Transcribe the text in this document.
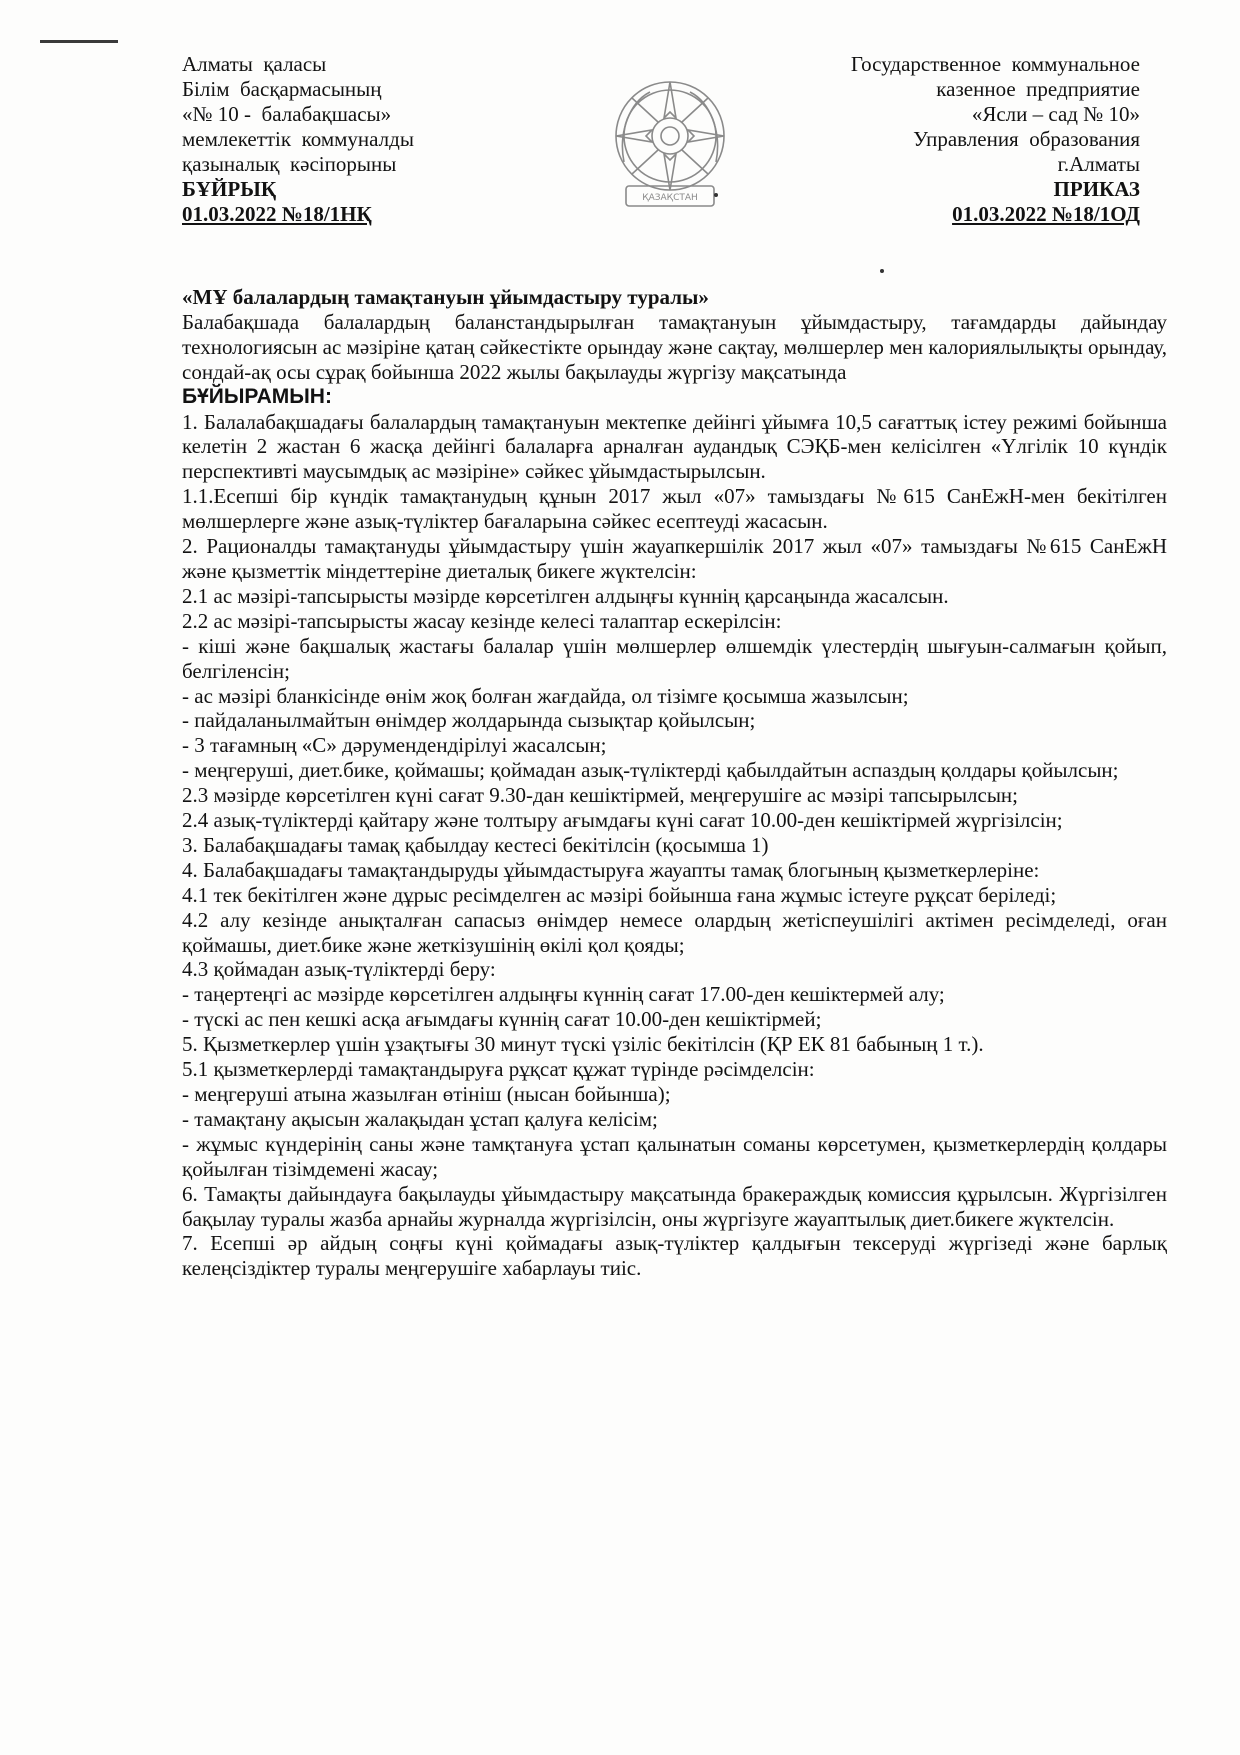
Алматы  қаласы
Білім  басқармасының
«№ 10 -  балабақшасы»
мемлекеттік  коммуналды
қазыналық  кәсіпорыны
БҰЙРЫҚ
01.03.2022 №18/1НҚ
ҚАЗАҚСТАН
Государственное  коммунальное
казенное  предприятие
«Ясли – сад № 10»
Управления  образования
г.Алматы
ПРИКАЗ
01.03.2022 №18/1ОД

«МҰ балалардың тамақтануын ұйымдастыру туралы»

Балабақшада балалардың баланстандырылған тамақтануын ұйымдастыру, тағамдарды дайындау технологиясын ас мәзіріне қатаң сәйкестікте орындау және сақтау, мөлшерлер мен калориялылықты орындау, сондай-ақ осы сұрақ бойынша 2022 жылы бақылауды жүргізу мақсатында

БҰЙЫРАМЫН:

1. Балалабақшадағы балалардың тамақтануын мектепке дейінгі ұйымға 10,5 сағаттық істеу режимі бойынша келетін 2 жастан 6 жасқа дейінгі балаларға арналған аудандық СЭҚБ-мен келісілген «Үлгілік 10 күндік перспективті маусымдық ас мәзіріне» сәйкес ұйымдастырылсын.

1.1.Есепші бір күндік тамақтанудың құнын 2017 жыл «07» тамыздағы №615 СанЕжН-мен бекітілген мөлшерлерге және азық-түліктер бағаларына сәйкес есептеуді жасасын.

2. Рационалды тамақтануды ұйымдастыру үшін жауапкершілік 2017 жыл «07» тамыздағы №615 СанЕжН және қызметтік міндеттеріне диеталық бикеге жүктелсін:

2.1 ас мәзірі-тапсырысты мәзірде көрсетілген алдыңғы күннің қарсаңында жасалсын.

2.2 ас мәзірі-тапсырысты жасау кезінде келесі талаптар ескерілсін:

- кіші және бақшалық жастағы балалар үшін мөлшерлер өлшемдік үлестердің шығуын-салмағын қойып, белгіленсін;

- ас мәзірі бланкісінде өнім жоқ болған жағдайда, ол тізімге қосымша жазылсын;

- пайдаланылмайтын өнімдер жолдарында сызықтар қойылсын;

- 3 тағамның «С» дәрумендендірілуі жасалсын;

- меңгеруші, диет.бике, қоймашы; қоймадан азық-түліктерді қабылдайтын аспаздың қолдары қойылсын;

2.3 мәзірде көрсетілген күні сағат 9.30-дан кешіктірмей, меңгерушіге ас мәзірі тапсырылсын;

2.4 азық-түліктерді қайтару және толтыру ағымдағы күні сағат 10.00-ден кешіктірмей жүргізілсін;

3. Балабақшадағы тамақ қабылдау кестесі бекітілсін (қосымша 1)

4. Балабақшадағы тамақтандыруды ұйымдастыруға жауапты тамақ блогының қызметкерлеріне:

4.1 тек бекітілген және дұрыс ресімделген ас мәзірі бойынша ғана жұмыс істеуге рұқсат беріледі;

4.2 алу кезінде анықталған сапасыз өнімдер немесе олардың жетіспеушілігі актімен ресімделеді, оған қоймашы, диет.бике және жеткізушінің өкілі қол қояды;

4.3 қоймадан азық-түліктерді беру:

- таңертеңгі ас мәзірде көрсетілген алдыңғы күннің сағат 17.00-ден кешіктермей алу;

- түскі ас пен кешкі асқа ағымдағы күннің сағат 10.00-ден кешіктірмей;

5. Қызметкерлер үшін ұзақтығы 30 минут түскі үзіліс бекітілсін (ҚР ЕК 81 бабының 1 т.).

5.1 қызметкерлерді тамақтандыруға рұқсат құжат түрінде рәсімделсін:

- меңгеруші атына жазылған өтініш (нысан бойынша);

- тамақтану ақысын жалақыдан ұстап қалуға келісім;

- жұмыс күндерінің саны және тамқтануға ұстап қалынатын соманы көрсетумен, қызметкерлердің қолдары қойылған тізімдемені жасау;

6. Тамақты дайындауға бақылауды ұйымдастыру мақсатында бракераждық комиссия құрылсын. Жүргізілген бақылау туралы жазба арнайы журналда жүргізілсін, оны жүргізуге жауаптылық диет.бикеге жүктелсін.

7. Есепші әр айдың соңғы күні қоймадағы азық-түліктер қалдығын тексеруді жүргізеді және барлық келеңсіздіктер туралы меңгерушіге хабарлауы тиіс.
